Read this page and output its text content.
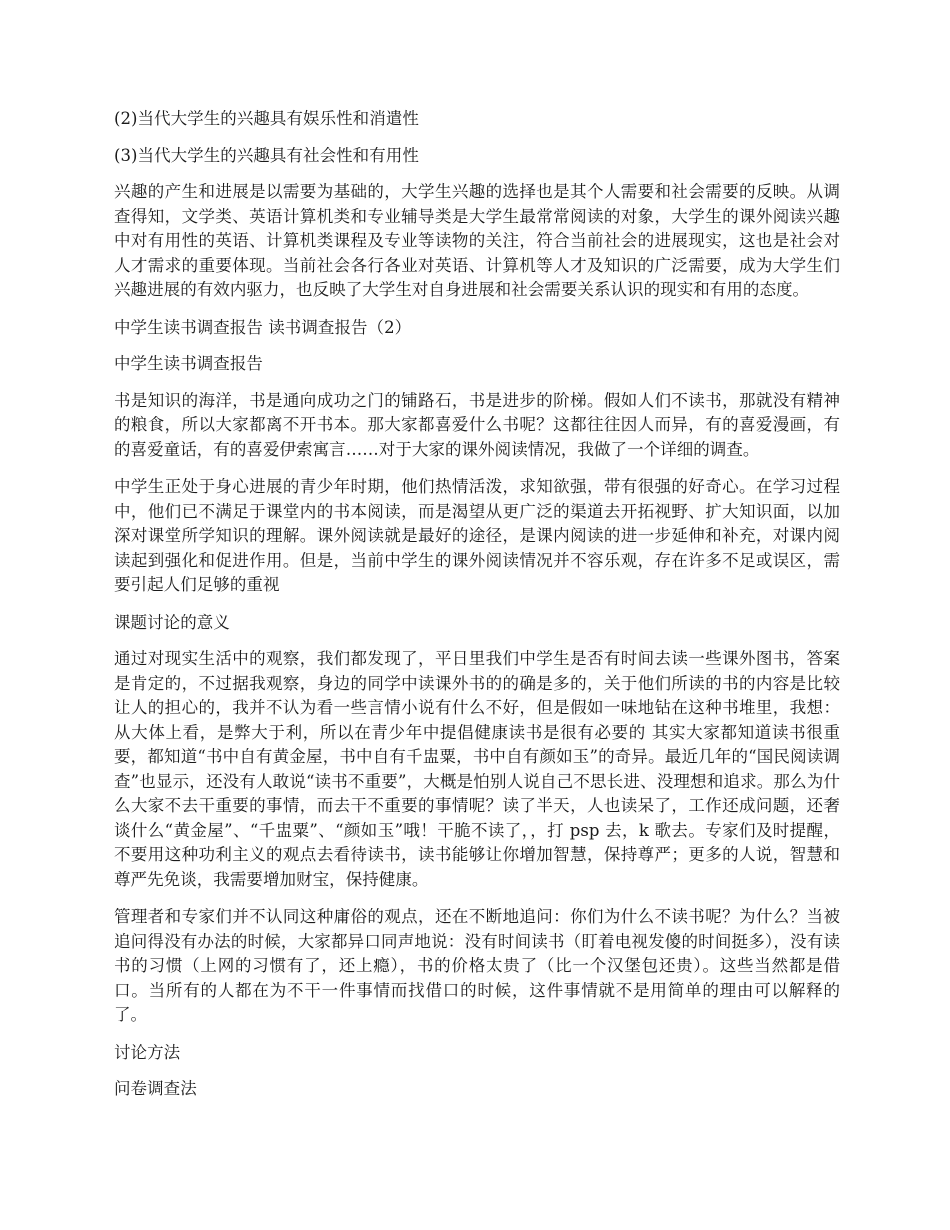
(2)当代大学生的兴趣具有娱乐性和消遣性

(3)当代大学生的兴趣具有社会性和有用性

兴趣的产生和进展是以需要为基础的，大学生兴趣的选择也是其个人需要和社会需要的反映。从调查得知，文学类、英语计算机类和专业辅导类是大学生最常常阅读的对象，大学生的课外阅读兴趣中对有用性的英语、计算机类课程及专业等读物的关注，符合当前社会的进展现实，这也是社会对人才需求的重要体现。当前社会各行各业对英语、计算机等人才及知识的广泛需要，成为大学生们兴趣进展的有效内驱力，也反映了大学生对自身进展和社会需要关系认识的现实和有用的态度。

中学生读书调查报告 读书调查报告（2）

中学生读书调查报告

书是知识的海洋，书是通向成功之门的铺路石，书是进步的阶梯。假如人们不读书，那就没有精神的粮食，所以大家都离不开书本。那大家都喜爱什么书呢？这都往往因人而异，有的喜爱漫画，有的喜爱童话，有的喜爱伊索寓言……对于大家的课外阅读情况，我做了一个详细的调查。

中学生正处于身心进展的青少年时期，他们热情活泼，求知欲强，带有很强的好奇心。在学习过程中，他们已不满足于课堂内的书本阅读，而是渴望从更广泛的渠道去开拓视野、扩大知识面，以加深对课堂所学知识的理解。课外阅读就是最好的途径，是课内阅读的进一步延伸和补充，对课内阅读起到强化和促进作用。但是，当前中学生的课外阅读情况并不容乐观，存在许多不足或误区，需要引起人们足够的重视

课题讨论的意义

通过对现实生活中的观察，我们都发现了，平日里我们中学生是否有时间去读一些课外图书，答案是肯定的，不过据我观察，身边的同学中读课外书的的确是多的，关于他们所读的书的内容是比较让人的担心的，我并不认为看一些言情小说有什么不好，但是假如一味地钻在这种书堆里，我想：从大体上看，是弊大于利，所以在青少年中提倡健康读书是很有必要的 其实大家都知道读书很重要，都知道“书中自有黄金屋，书中自有千盅粟，书中自有颜如玉”的奇异。最近几年的“国民阅读调查”也显示，还没有人敢说“读书不重要”，大概是怕别人说自己不思长进、没理想和追求。那么为什么大家不去干重要的事情，而去干不重要的事情呢？读了半天，人也读呆了，工作还成问题，还奢谈什么“黄金屋”、“千盅粟”、“颜如玉”哦！干脆不读了，，打 psp 去，k 歌去。专家们及时提醒，不要用这种功利主义的观点去看待读书，读书能够让你增加智慧，保持尊严；更多的人说，智慧和尊严先免谈，我需要增加财宝，保持健康。

管理者和专家们并不认同这种庸俗的观点，还在不断地追问：你们为什么不读书呢？为什么？当被追问得没有办法的时候，大家都异口同声地说：没有时间读书（盯着电视发傻的时间挺多），没有读书的习惯（上网的习惯有了，还上瘾），书的价格太贵了（比一个汉堡包还贵）。这些当然都是借口。当所有的人都在为不干一件事情而找借口的时候，这件事情就不是用简单的理由可以解释的了。

讨论方法

问卷调查法
